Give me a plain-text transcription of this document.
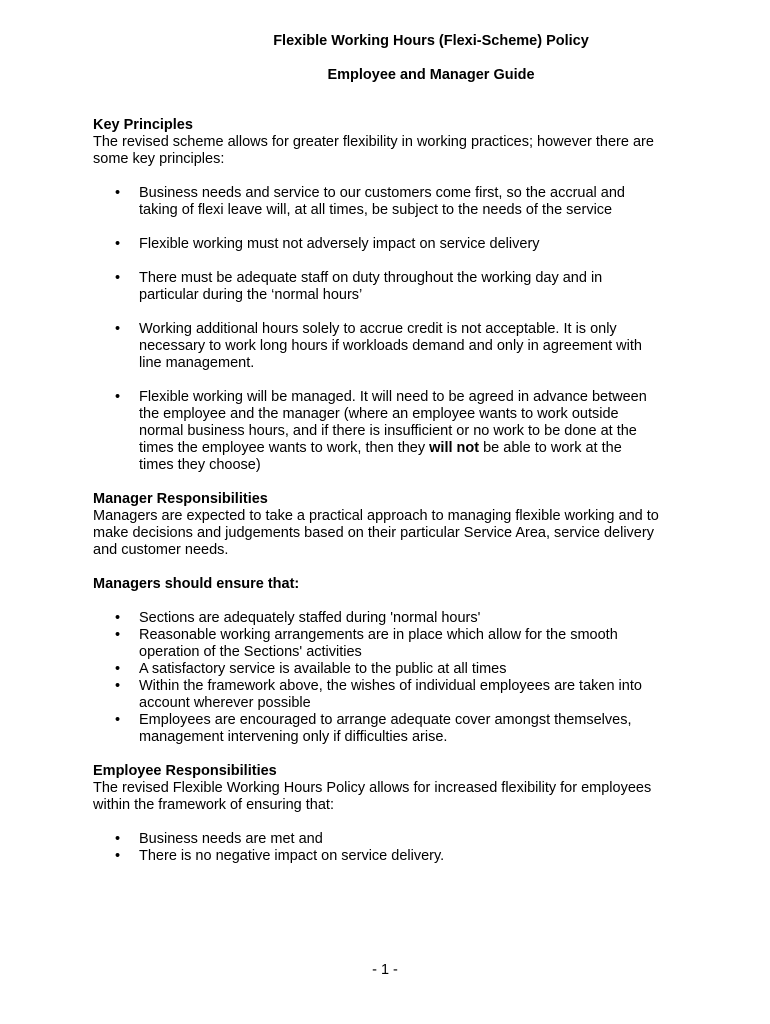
Flexible Working Hours (Flexi-Scheme) Policy

Employee and Manager Guide

Key Principles

The revised scheme allows for greater flexibility in working practices; however there are some key principles:

• Business needs and service to our customers come first, so the accrual and taking of flexi leave will, at all times, be subject to the needs of the service
• Flexible working must not adversely impact on service delivery
• There must be adequate staff on duty throughout the working day and in particular during the ‘normal hours’
• Working additional hours solely to accrue credit is not acceptable. It is only necessary to work long hours if workloads demand and only in agreement with line management.
• Flexible working will be managed. It will need to be agreed in advance between the employee and the manager (where an employee wants to work outside normal business hours, and if there is insufficient or no work to be done at the times the employee wants to work, then they will not be able to work at the times they choose)
Manager Responsibilities

Managers are expected to take a practical approach to managing flexible working and to make decisions and judgements based on their particular Service Area, service delivery and customer needs.

Managers should ensure that:
• Sections are adequately staffed during 'normal hours'
• Reasonable working arrangements are in place which allow for the smooth operation of the Sections' activities
• A satisfactory service is available to the public at all times
• Within the framework above, the wishes of individual employees are taken into account wherever possible
• Employees are encouraged to arrange adequate cover amongst themselves, management intervening only if difficulties arise.
Employee Responsibilities

The revised Flexible Working Hours Policy allows for increased flexibility for employees within the framework of ensuring that:

• Business needs are met and
• There is no negative impact on service delivery.
- 1 -
